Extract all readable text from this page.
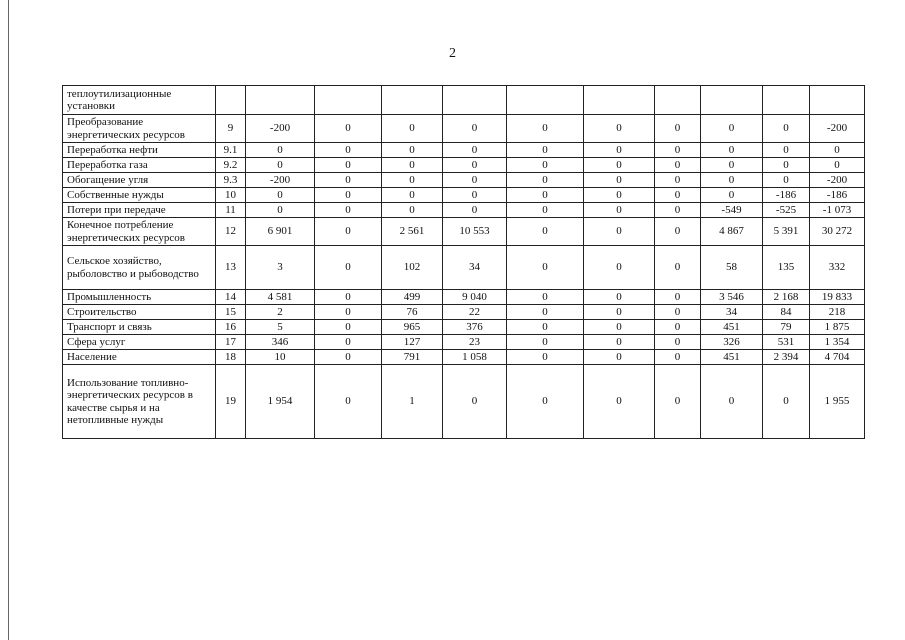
2
теплоутилизационные установки											
Преобразование энергетических ресурсов	9	-200	0	0	0	0	0	0	0	0	-200
Переработка нефти	9.1	0	0	0	0	0	0	0	0	0	0
Переработка газа	9.2	0	0	0	0	0	0	0	0	0	0
Обогащение угля	9.3	-200	0	0	0	0	0	0	0	0	-200
Собственные нужды	10	0	0	0	0	0	0	0	0	-186	-186
Потери при передаче	11	0	0	0	0	0	0	0	-549	-525	-1 073
Конечное потребление энергетических ресурсов	12	6 901	0	2 561	10 553	0	0	0	4 867	5 391	30 272
Сельское хозяйство, рыболовство и рыбоводство	13	3	0	102	34	0	0	0	58	135	332
Промышленность	14	4 581	0	499	9 040	0	0	0	3 546	2 168	19 833
Строительство	15	2	0	76	22	0	0	0	34	84	218
Транспорт и связь	16	5	0	965	376	0	0	0	451	79	1 875
Сфера услуг	17	346	0	127	23	0	0	0	326	531	1 354
Население	18	10	0	791	1 058	0	0	0	451	2 394	4 704
Использование топливно-энергетических ресурсов в качестве сырья и на нетопливные нужды	19	1 954	0	1	0	0	0	0	0	0	1 955
